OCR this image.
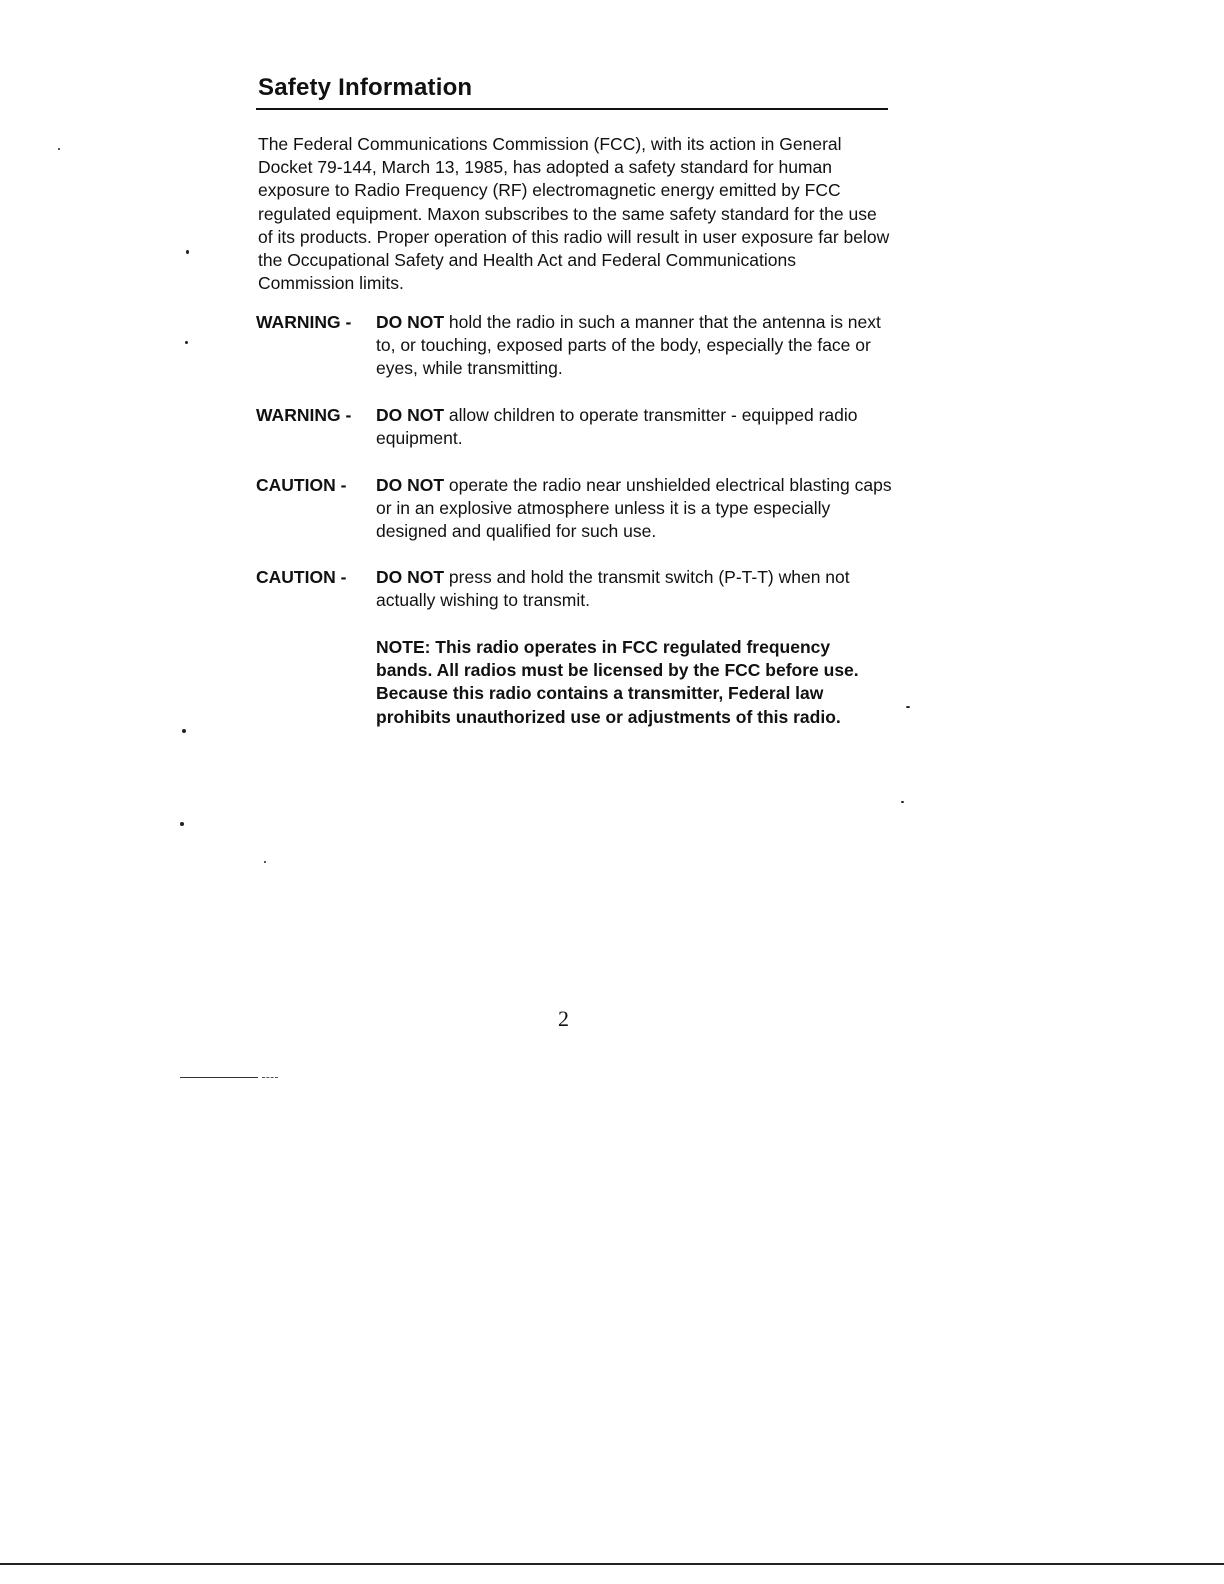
Safety Information

The Federal Communications Commission (FCC), with its action in General Docket 79-144, March 13, 1985, has adopted a safety standard for human exposure to Radio Frequency (RF) electromagnetic energy emitted by FCC regulated equipment. Maxon subscribes to the same safety standard for the use of its products. Proper operation of this radio will result in user exposure far below the Occupational Safety and Health Act and Federal Communications Commission limits.

WARNING - DO NOT hold the radio in such a manner that the antenna is next to, or touching, exposed parts of the body, especially the face or eyes, while transmitting.
WARNING - DO NOT allow children to operate transmitter - equipped radio equipment.
CAUTION - DO NOT operate the radio near unshielded electrical blasting caps or in an explosive atmosphere unless it is a type especially designed and qualified for such use.
CAUTION - DO NOT press and hold the transmit switch (P-T-T) when not actually wishing to transmit.
NOTE: This radio operates in FCC regulated frequency bands. All radios must be licensed by the FCC before use. Because this radio contains a transmitter, Federal law prohibits unauthorized use or adjustments of this radio.
2
